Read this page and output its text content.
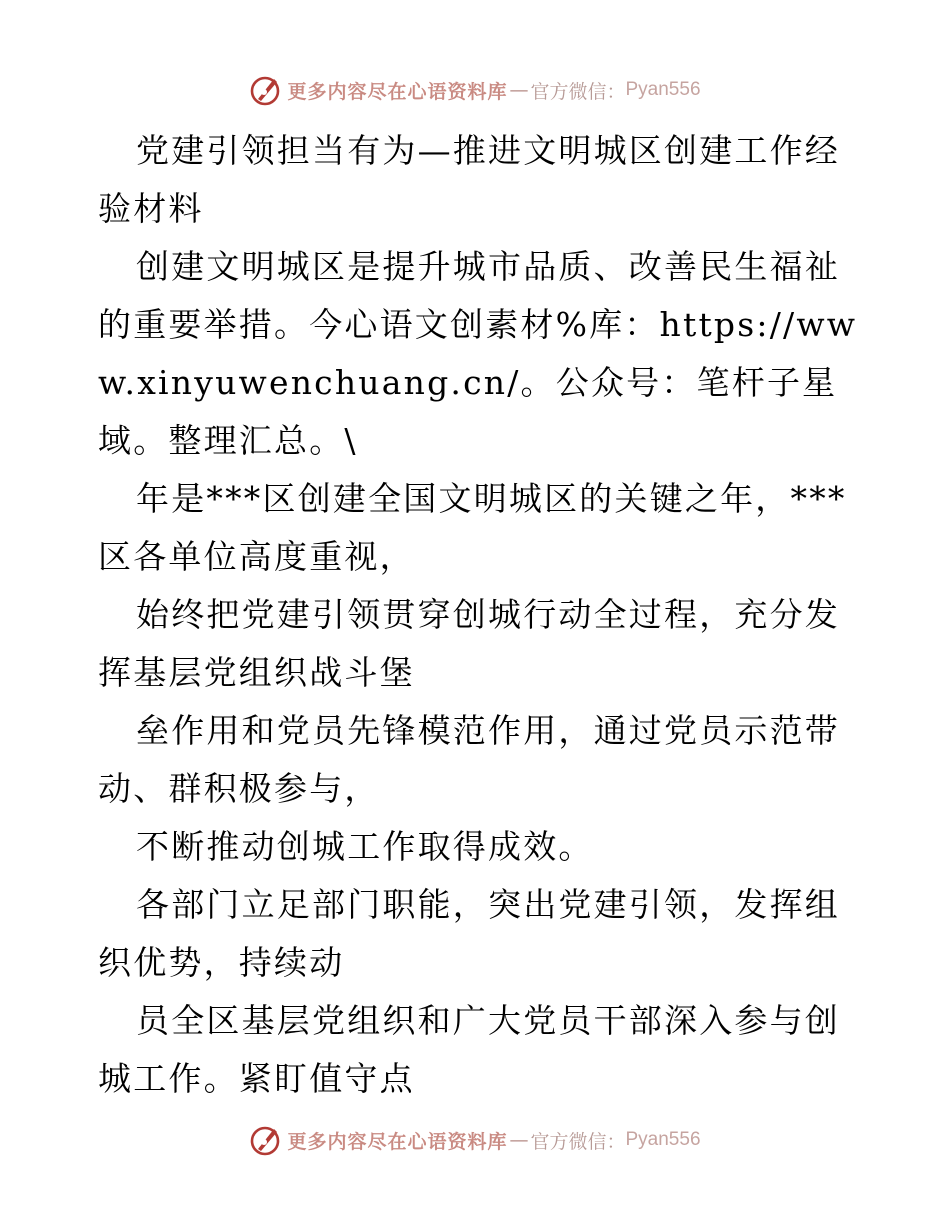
更多内容尽在心语资料库 — 官方微信： Pyan556

党建引领担当有为—推进文明城区创建工作经验材料

创建文明城区是提升城市品质、改善民生福祉的重要举措。今心语文创素材%库：https://www.xinyuwenchuang.cn/。公众号：笔杆子星域。整理汇总。\

年是***区创建全国文明城区的关键之年，***区各单位高度重视，

始终把党建引领贯穿创城行动全过程，充分发挥基层党组织战斗堡

垒作用和党员先锋模范作用，通过党员示范带动、群积极参与，

不断推动创城工作取得成效。

各部门立足部门职能，突出党建引领，发挥组织优势，持续动

员全区基层党组织和广大党员干部深入参与创城工作。紧盯值守点

更多内容尽在心语资料库 — 官方微信： Pyan556
